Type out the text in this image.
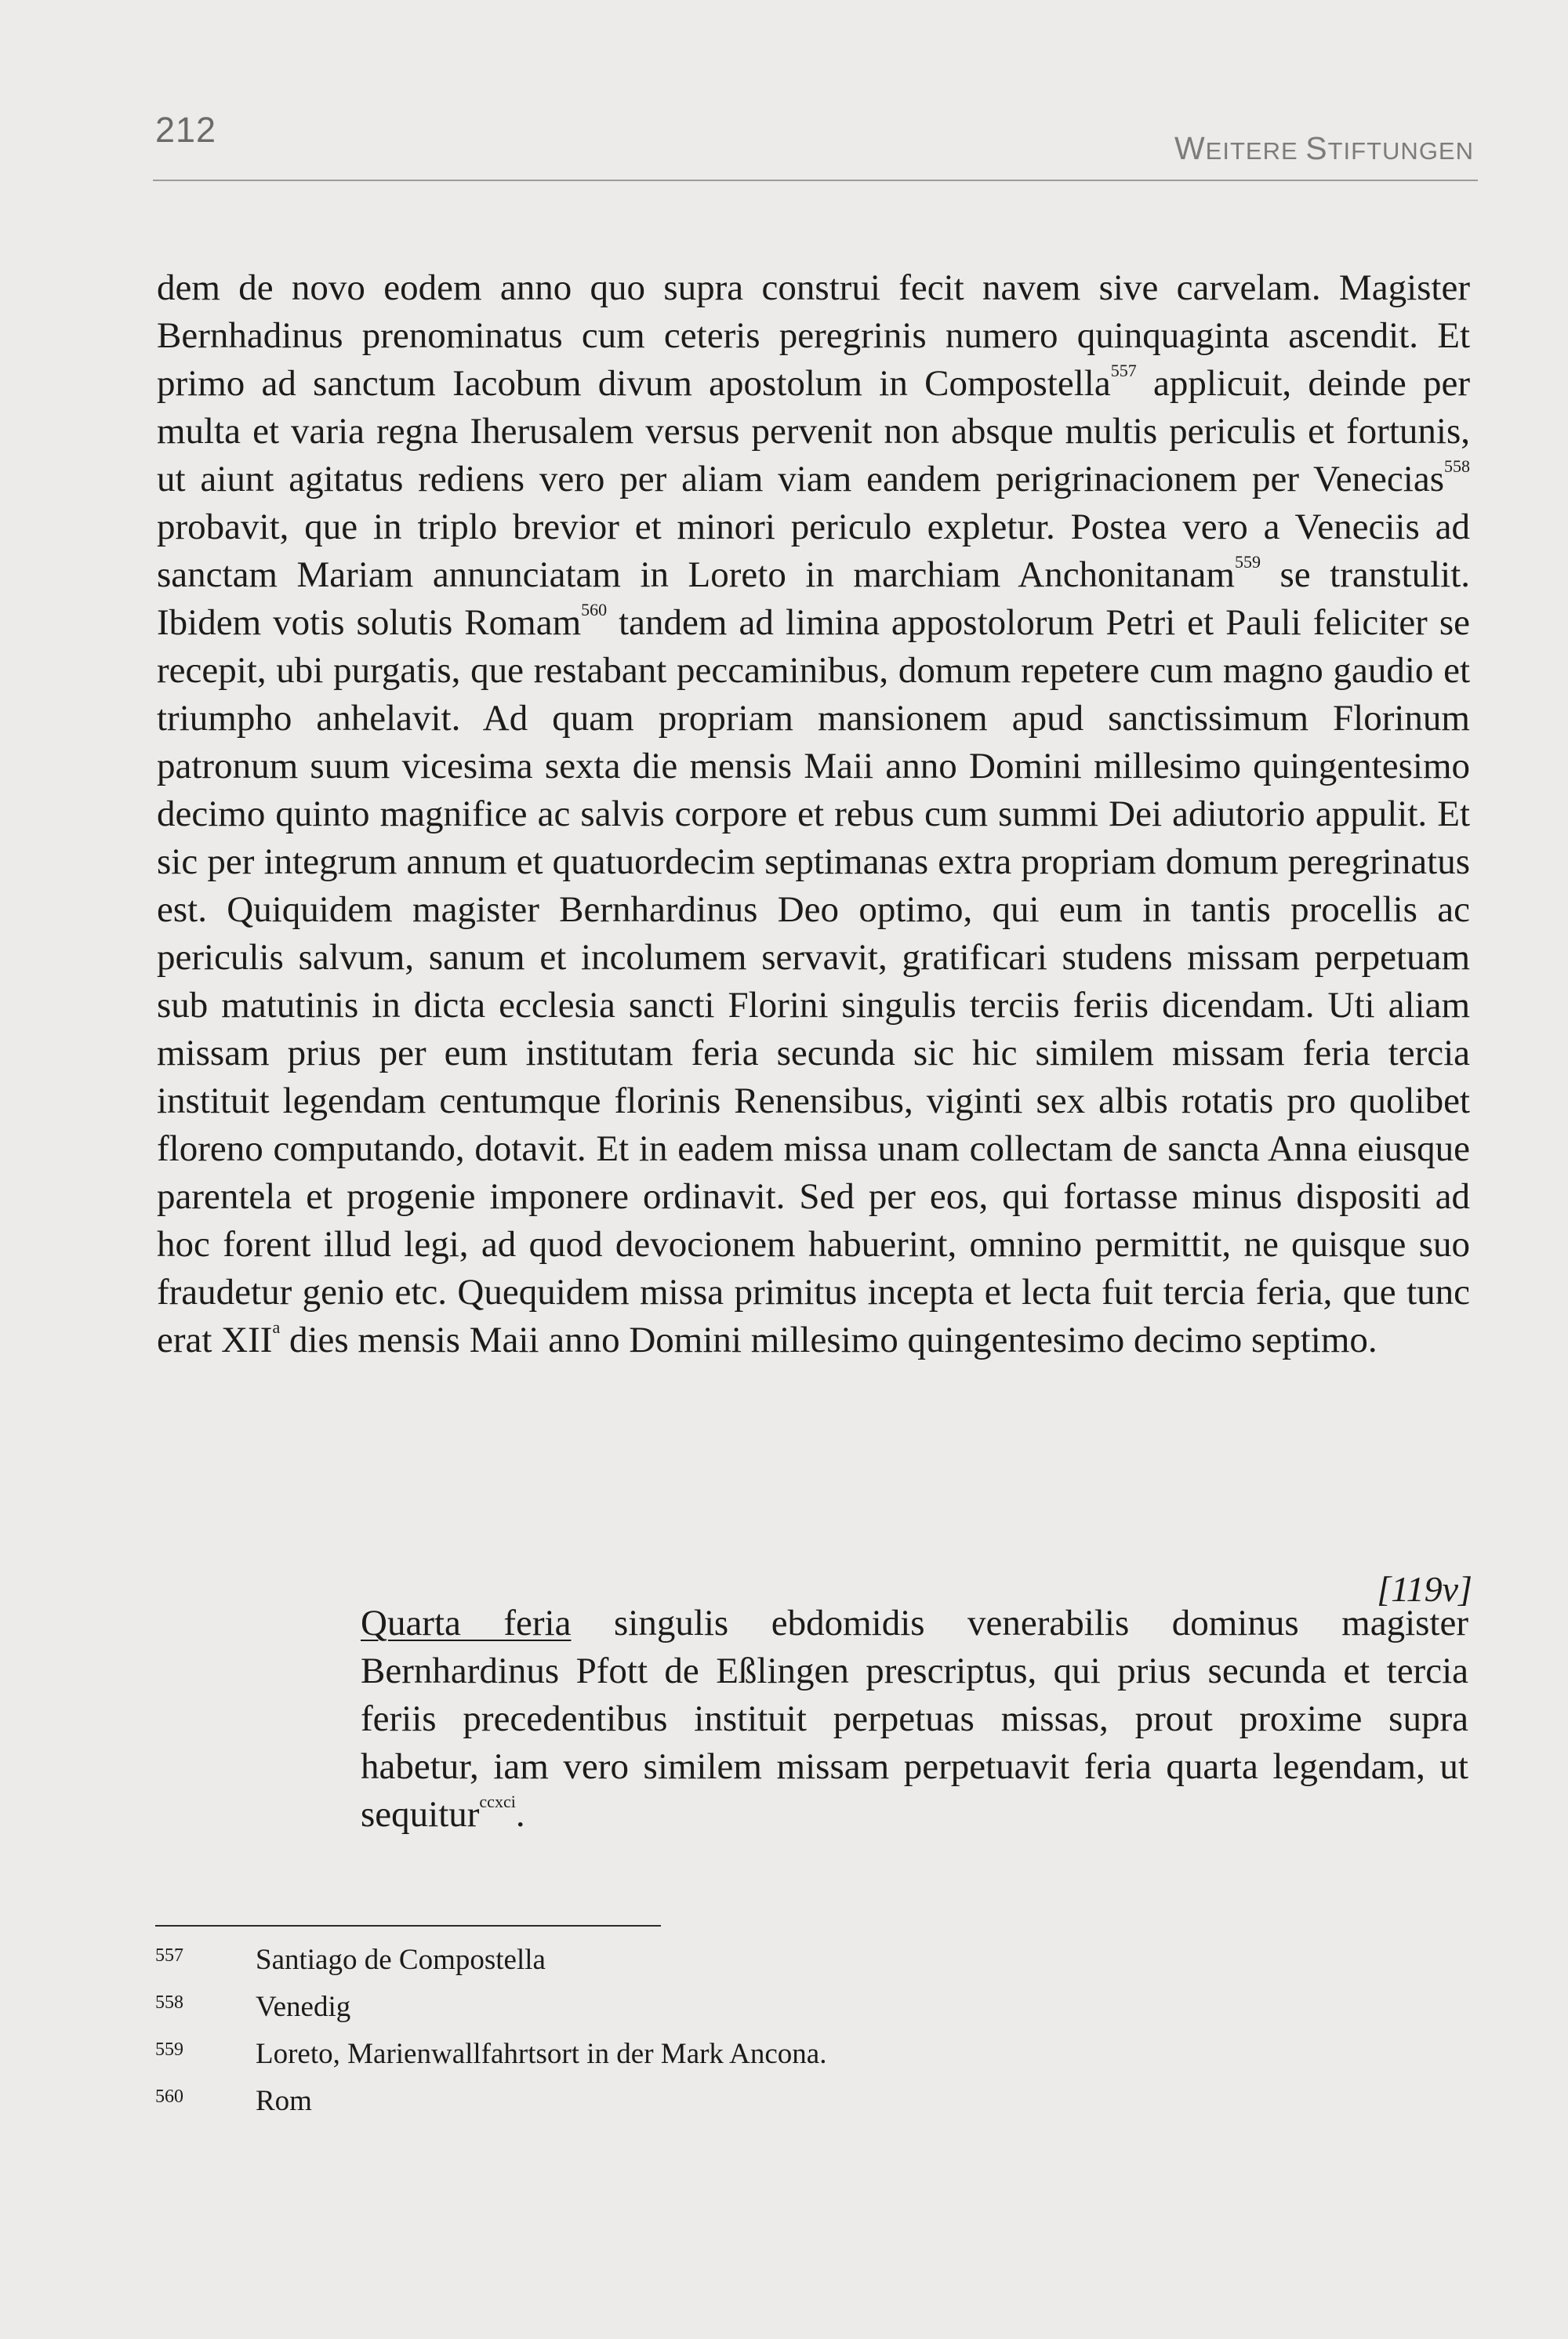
212	WEITERE STIFTUNGEN

dem de novo eodem anno quo supra construi fecit navem sive carvelam. Magister Bernhadinus prenominatus cum ceteris peregrinis numero quinquaginta ascendit. Et primo ad sanctum Iacobum divum apostolum in Compostella$^{557}$ applicuit, deinde per multa et varia regna Iherusalem versus pervenit non absque multis periculis et fortunis, ut aiunt agitatus rediens vero per aliam viam eandem perigrinacionem per Venecias$^{558}$ probavit, que in triplo brevior et minori periculo expletur. Postea vero a Veneciis ad sanctam Mariam annunciatam in Loreto in marchiam Anchonitanam$^{559}$ se transtulit. Ibidem votis solutis Romam$^{560}$ tandem ad limina appostolorum Petri et Pauli feliciter se recepit, ubi purgatis, que restabant peccaminibus, domum repetere cum magno gaudio et triumpho anhelavit. Ad quam propriam mansionem apud sanctissimum Florinum patronum suum vicesima sexta die mensis Maii anno Domini millesimo quingentesimo decimo quinto magnifice ac salvis corpore et rebus cum summi Dei adiutorio appulit. Et sic per integrum annum et quatuordecim septimanas extra propriam domum peregrinatus est. Quiquidem magister Bernhardinus Deo optimo, qui eum in tantis procellis ac periculis salvum, sanum et incolumem servavit, gratificari studens missam perpetuam sub matutinis in dicta ecclesia sancti Florini singulis terciis feriis dicendam. Uti aliam missam prius per eum institutam feria secunda sic hic similem missam feria tercia instituit legendam centumque florinis Renensibus, viginti sex albis rotatis pro quolibet floreno computando, dotavit. Et in eadem missa unam collectam de sancta Anna eiusque parentela et progenie imponere ordinavit. Sed per eos, qui fortasse minus dispositi ad hoc forent illud legi, ad quod devocionem habuerint, omnino permittit, ne quisque suo fraudetur genio etc. Quequidem missa primitus incepta et lecta fuit tercia feria, que tunc erat XII$^a$ dies mensis Maii anno Domini millesimo quingentesimo decimo septimo.

[119v]

Quarta feria singulis ebdomidis venerabilis dominus magister Bernhardinus Pfott de Eßlingen prescriptus, qui prius secunda et tercia feriis precedentibus instituit perpetuas missas, prout proxime supra habetur, iam vero similem missam perpetuavit feria quarta legendam, ut sequitur$^{ccxci}$.

557	Santiago de Compostella
558	Venedig
559	Loreto, Marienwallfahrtsort in der Mark Ancona.
560	Rom
